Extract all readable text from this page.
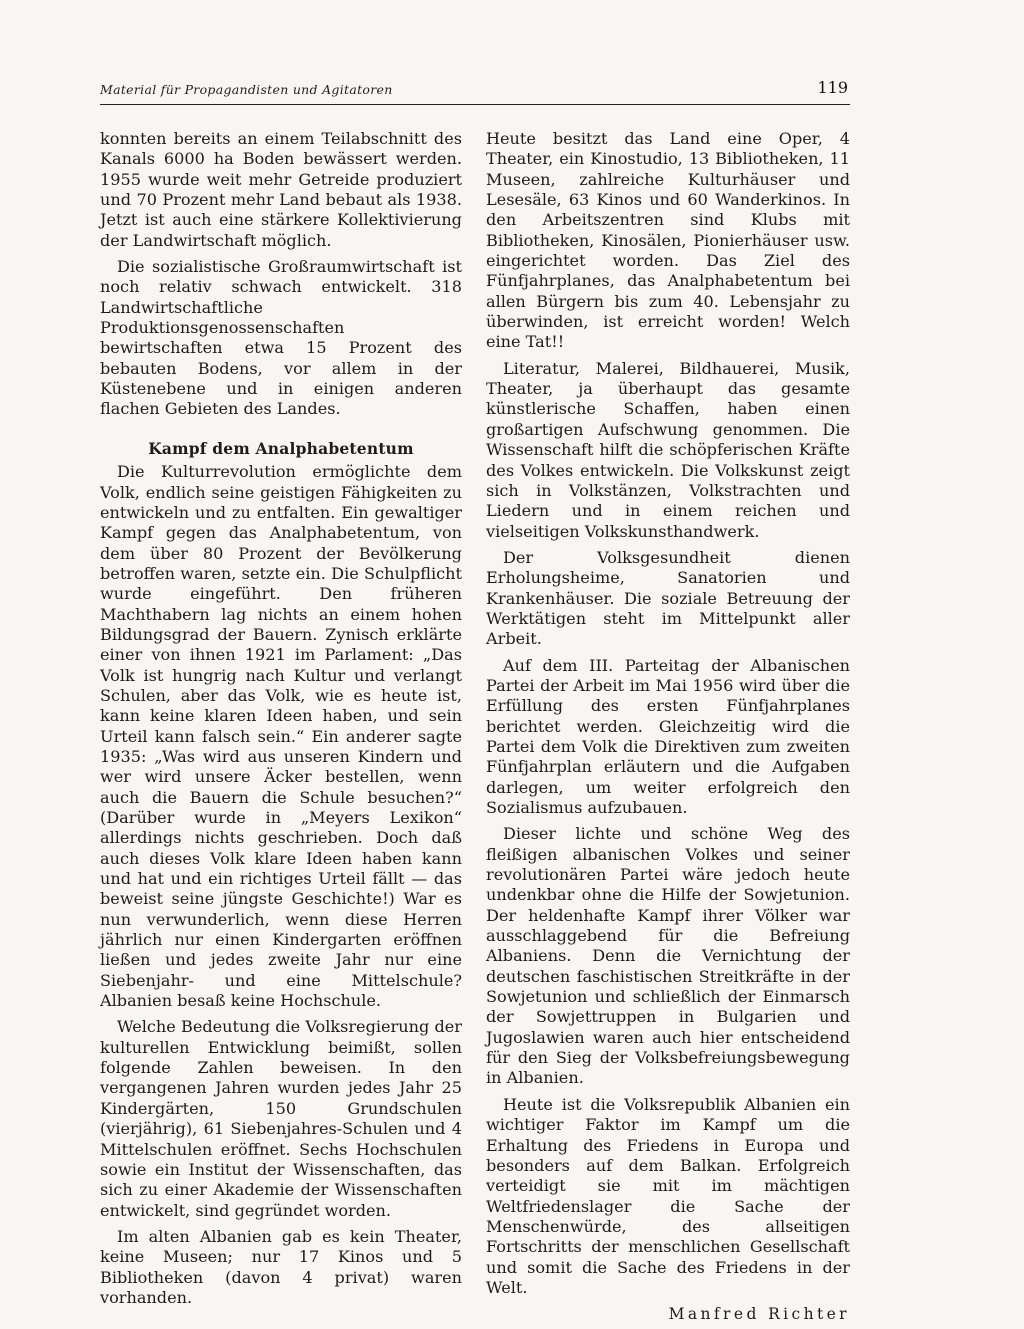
Material für Propagandisten und Agitatoren	119

konnten bereits an einem Teilabschnitt des Kanals 6000 ha Boden bewässert werden. 1955 wurde weit mehr Getreide produziert und 70 Prozent mehr Land bebaut als 1938. Jetzt ist auch eine stärkere Kollektivierung der Landwirtschaft möglich.

Die sozialistische Großraumwirtschaft ist noch relativ schwach entwickelt. 318 Landwirtschaftliche Produktionsgenossenschaften bewirtschaften etwa 15 Prozent des bebauten Bodens, vor allem in der Küstenebene und in einigen anderen flachen Gebieten des Landes.

Kampf dem Analphabetentum

Die Kulturrevolution ermöglichte dem Volk, endlich seine geistigen Fähigkeiten zu entwickeln und zu entfalten. Ein gewaltiger Kampf gegen das Analphabetentum, von dem über 80 Prozent der Bevölkerung betroffen waren, setzte ein. Die Schulpflicht wurde eingeführt. Den früheren Machthabern lag nichts an einem hohen Bildungsgrad der Bauern. Zynisch erklärte einer von ihnen 1921 im Parlament: „Das Volk ist hungrig nach Kultur und verlangt Schulen, aber das Volk, wie es heute ist, kann keine klaren Ideen haben, und sein Urteil kann falsch sein.“ Ein anderer sagte 1935: „Was wird aus unseren Kindern und wer wird unsere Äcker bestellen, wenn auch die Bauern die Schule besuchen?“ (Darüber wurde in „Meyers Lexikon“ allerdings nichts geschrieben. Doch daß auch dieses Volk klare Ideen haben kann und hat und ein richtiges Urteil fällt — das beweist seine jüngste Geschichte!) War es nun verwunderlich, wenn diese Herren jährlich nur einen Kindergarten eröffnen ließen und jedes zweite Jahr nur eine Siebenjahr- und eine Mittelschule? Albanien besaß keine Hochschule.

Welche Bedeutung die Volksregierung der kulturellen Entwicklung beimißt, sollen folgende Zahlen beweisen. In den vergangenen Jahren wurden jedes Jahr 25 Kindergärten, 150 Grundschulen (vierjährig), 61 Siebenjahres-Schulen und 4 Mittelschulen eröffnet. Sechs Hochschulen sowie ein Institut der Wissenschaften, das sich zu einer Akademie der Wissenschaften entwickelt, sind gegründet worden.

Im alten Albanien gab es kein Theater, keine Museen; nur 17 Kinos und 5 Bibliotheken (davon 4 privat) waren vorhanden.

Heute besitzt das Land eine Oper, 4 Theater, ein Kinostudio, 13 Bibliotheken, 11 Museen, zahlreiche Kulturhäuser und Lesesäle, 63 Kinos und 60 Wanderkinos. In den Arbeitszentren sind Klubs mit Bibliotheken, Kinosälen, Pionierhäuser usw. eingerichtet worden. Das Ziel des Fünfjahrplanes, das Analphabetentum bei allen Bürgern bis zum 40. Lebensjahr zu überwinden, ist erreicht worden! Welch eine Tat!!

Literatur, Malerei, Bildhauerei, Musik, Theater, ja überhaupt das gesamte künstlerische Schaffen, haben einen großartigen Aufschwung genommen. Die Wissenschaft hilft die schöpferischen Kräfte des Volkes entwickeln. Die Volkskunst zeigt sich in Volkstänzen, Volkstrachten und Liedern und in einem reichen und vielseitigen Volkskunsthandwerk.

Der Volksgesundheit dienen Erholungsheime, Sanatorien und Krankenhäuser. Die soziale Betreuung der Werktätigen steht im Mittelpunkt aller Arbeit.

Auf dem III. Parteitag der Albanischen Partei der Arbeit im Mai 1956 wird über die Erfüllung des ersten Fünfjahrplanes berichtet werden. Gleichzeitig wird die Partei dem Volk die Direktiven zum zweiten Fünfjahrplan erläutern und die Aufgaben darlegen, um weiter erfolgreich den Sozialismus aufzubauen.

Dieser lichte und schöne Weg des fleißigen albanischen Volkes und seiner revolutionären Partei wäre jedoch heute undenkbar ohne die Hilfe der Sowjetunion. Der heldenhafte Kampf ihrer Völker war ausschlaggebend für die Befreiung Albaniens. Denn die Vernichtung der deutschen faschistischen Streitkräfte in der Sowjetunion und schließlich der Einmarsch der Sowjettruppen in Bulgarien und Jugoslawien waren auch hier entscheidend für den Sieg der Volksbefreiungsbewegung in Albanien.

Heute ist die Volksrepublik Albanien ein wichtiger Faktor im Kampf um die Erhaltung des Friedens in Europa und besonders auf dem Balkan. Erfolgreich verteidigt sie mit im mächtigen Weltfriedenslager die Sache der Menschenwürde, des allseitigen Fortschritts der menschlichen Gesellschaft und somit die Sache des Friedens in der Welt.

Manfred Richter
